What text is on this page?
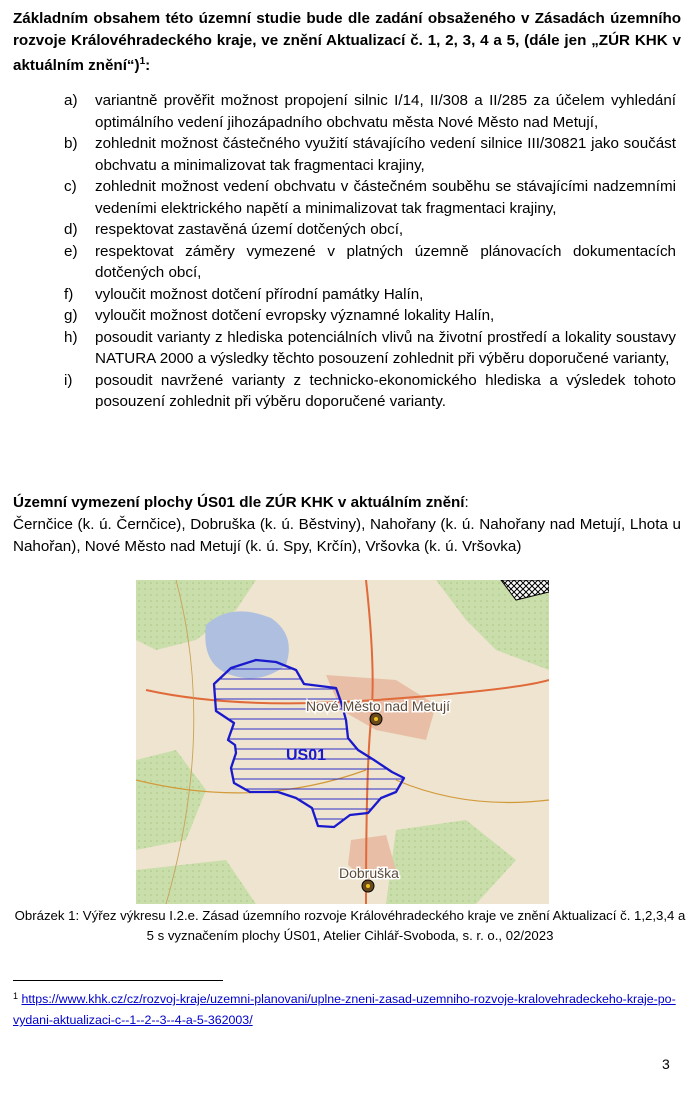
Základním obsahem této územní studie bude dle zadání obsaženého v Zásadách územního rozvoje Královéhradeckého kraje, ve znění Aktualizací č. 1, 2, 3, 4 a 5, (dále jen „ZÚR KHK v aktuálním znění“)$^1$:

a) variantně prověřit možnost propojení silnic I/14, II/308 a II/285 za účelem vyhledání optimálního vedení jihozápadního obchvatu města Nové Město nad Metují,
b) zohlednit možnost částečného využití stávajícího vedení silnice III/30821 jako součást obchvatu a minimalizovat tak fragmentaci krajiny,
c) zohlednit možnost vedení obchvatu v částečném souběhu se stávajícími nadzemními vedeními elektrického napětí a minimalizovat tak fragmentaci krajiny,
d) respektovat zastavěná území dotčených obcí,
e) respektovat záměry vymezené v platných územně plánovacích dokumentacích dotčených obcí,
f) vyloučit možnost dotčení přírodní památky Halín,
g) vyloučit možnost dotčení evropsky významné lokality Halín,
h) posoudit varianty z hlediska potenciálních vlivů na životní prostředí a lokality soustavy NATURA 2000 a výsledky těchto posouzení zohlednit při výběru doporučené varianty,
i) posoudit navržené varianty z technicko-ekonomického hlediska a výsledek tohoto posouzení zohlednit při výběru doporučené varianty.
Územní vymezení plochy ÚS01 dle ZÚR KHK v aktuálním znění:
Černčice (k. ú. Černčice), Dobruška (k. ú. Běstviny), Nahořany (k. ú. Nahořany nad Metují, Lhota u Nahořan), Nové Město nad Metují (k. ú. Spy, Krčín), Vršovka (k. ú. Vršovka)
US01
Nové Město nad Metují
Dobruška
Obrázek 1: Výřez výkresu I.2.e. Zásad územního rozvoje Královéhradeckého kraje ve znění Aktualizací č. 1,2,3,4 a 5 s vyznačením plochy ÚS01, Atelier Cihlář-Svoboda, s. r. o., 02/2023
$^1$ https://www.khk.cz/cz/rozvoj-kraje/uzemni-planovani/uplne-zneni-zasad-uzemniho-rozvoje-kralovehradeckeho-kraje-po-vydani-aktualizaci-c--1--2--3--4-a-5-362003/
3
